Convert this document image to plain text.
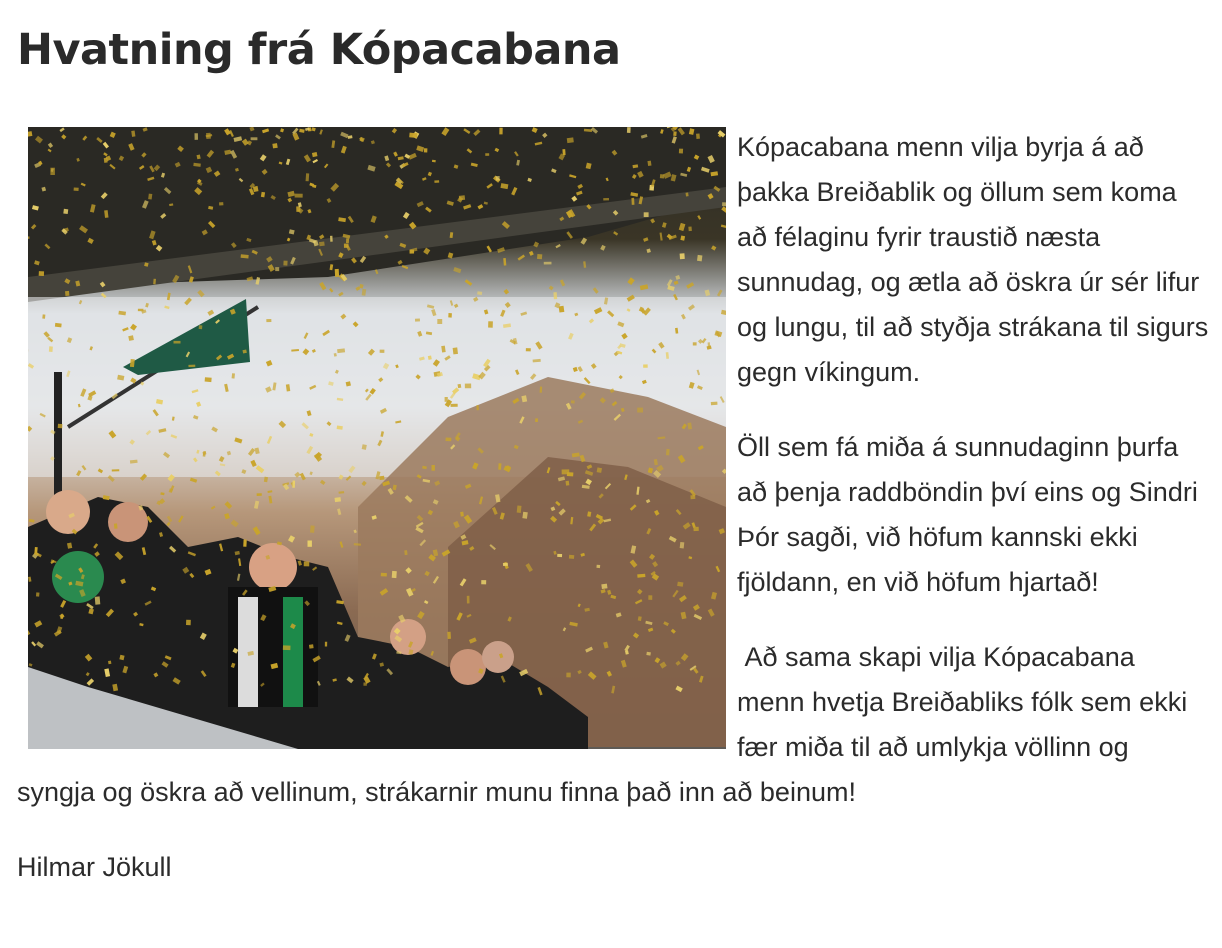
Hvatning frá Kópacabana

Kópacabana menn vilja byrja á að þakka Breiðablik og öllum sem koma að félaginu fyrir traustið næsta sunnudag, og ætla að öskra úr sér lifur og lungu, til að styðja strákana til sigurs gegn víkingum.

Öll sem fá miða á sunnudaginn þurfa að þenja raddböndin því eins og Sindri Þór sagði, við höfum kannski ekki fjöldann, en við höfum hjartað!

Að sama skapi vilja Kópacabana menn hvetja Breiðabliks fólk sem ekki fær miða til að umlykja völlinn og syngja og öskra að vellinum, strákarnir munu finna það inn að beinum!

Hilmar Jökull
